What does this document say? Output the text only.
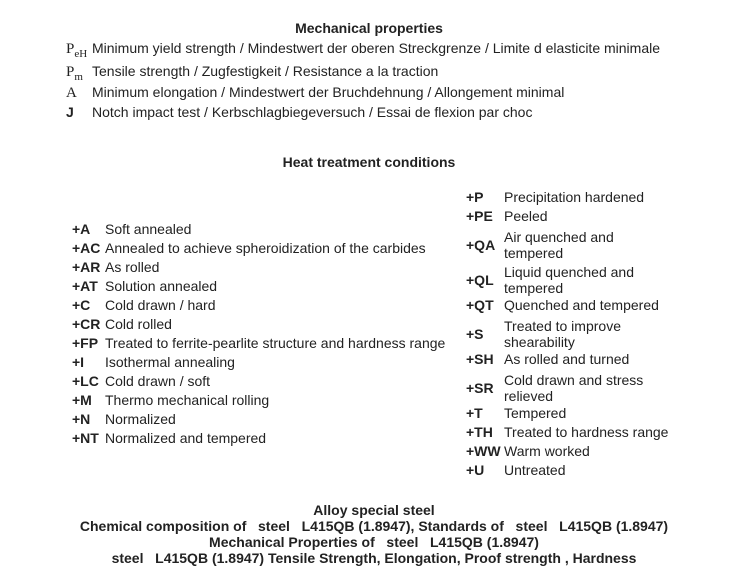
Mechanical properties
$P_{eH}$ Minimum yield strength / Mindestwert der oberen Streckgrenze / Limite d elasticite minimale
$P_m$ Tensile strength / Zugfestigkeit / Resistance a la traction
A	Minimum elongation / Mindestwert der Bruchdehnung / Allongement minimal
J	Notch impact test / Kerbschlagbiegeversuch / Essai de flexion par choc
Heat treatment conditions
+A	Soft annealed
+AC Annealed to achieve spheroidization of the carbides
+AR As rolled
+AT Solution annealed
+C	Cold drawn / hard
+CR Cold rolled
+FP Treated to ferrite-pearlite structure and hardness range
+I	Isothermal annealing
+LC Cold drawn / soft
+M Thermo mechanical rolling
+N	Normalized
+NT Normalized and tempered
+P	Precipitation hardened
+PE Peeled
+QA Air quenched and tempered
+QL Liquid quenched and tempered
+QT Quenched and tempered
+S	Treated to improve shearability
+SH As rolled and turned
+SR Cold drawn and stress relieved
+T	Tempered
+TH Treated to hardness range
+WW Warm worked
+U	Untreated
Alloy special steel
Chemical composition of   steel   L415QB (1.8947), Standards of   steel   L415QB (1.8947)
Mechanical Properties of   steel   L415QB (1.8947)
steel   L415QB (1.8947) Tensile Strength, Elongation, Proof strength , Hardness
